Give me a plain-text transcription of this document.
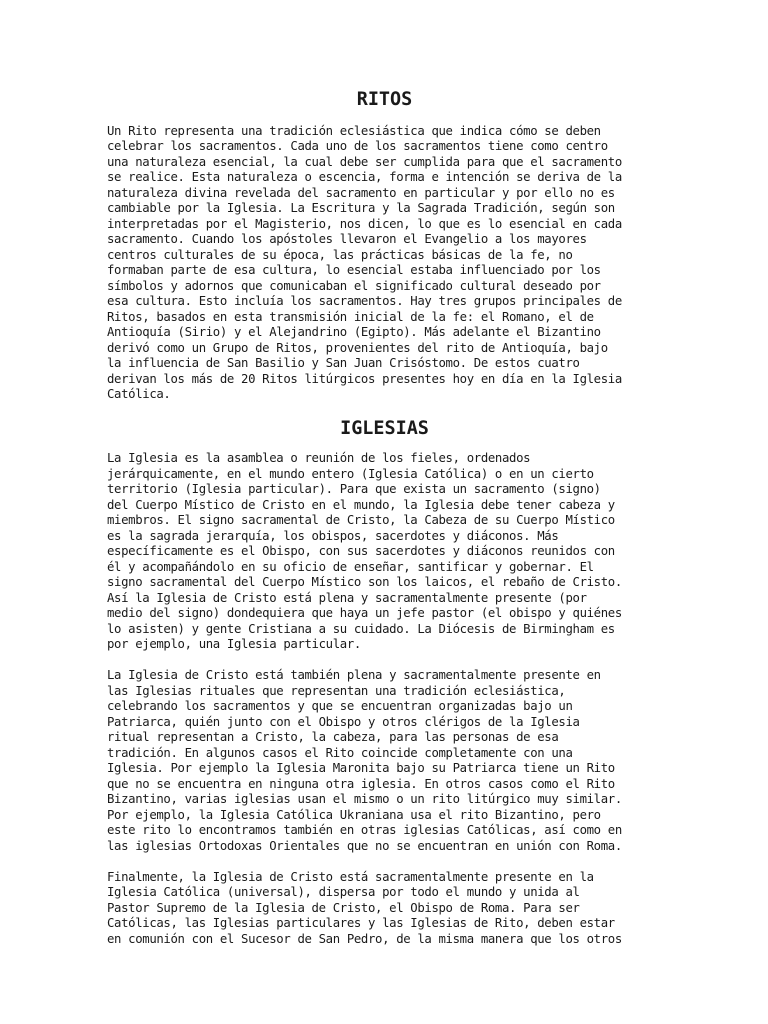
RITOS
Un Rito representa una tradición eclesiástica que indica cómo se deben
celebrar los sacramentos. Cada uno de los sacramentos tiene como centro
una naturaleza esencial, la cual debe ser cumplida para que el sacramento
se realice. Esta naturaleza o escencia, forma e intención se deriva de la
naturaleza divina revelada del sacramento en particular y por ello no es
cambiable por la Iglesia. La Escritura y la Sagrada Tradición, según son
interpretadas por el Magisterio, nos dicen, lo que es lo esencial en cada
sacramento. Cuando los apóstoles llevaron el Evangelio a los mayores
centros culturales de su época, las prácticas básicas de la fe, no
formaban parte de esa cultura, lo esencial estaba influenciado por los
símbolos y adornos que comunicaban el significado cultural deseado por
esa cultura. Esto incluía los sacramentos. Hay tres grupos principales de
Ritos, basados en esta transmisión inicial de la fe: el Romano, el de
Antioquía (Sirio) y el Alejandrino (Egipto). Más adelante el Bizantino
derivó como un Grupo de Ritos, provenientes del rito de Antioquía, bajo
la influencia de San Basilio y San Juan Crisóstomo. De estos cuatro
derivan los más de 20 Ritos litúrgicos presentes hoy en día en la Iglesia
Católica.
IGLESIAS
La Iglesia es la asamblea o reunión de los fieles, ordenados
jerárquicamente, en el mundo entero (Iglesia Católica) o en un cierto
territorio (Iglesia particular). Para que exista un sacramento (signo)
del Cuerpo Místico de Cristo en el mundo, la Iglesia debe tener cabeza y
miembros. El signo sacramental de Cristo, la Cabeza de su Cuerpo Místico
es la sagrada jerarquía, los obispos, sacerdotes y diáconos. Más
específicamente es el Obispo, con sus sacerdotes y diáconos reunidos con
él y acompañándolo en su oficio de enseñar, santificar y gobernar. El
signo sacramental del Cuerpo Místico son los laicos, el rebaño de Cristo.
Así la Iglesia de Cristo está plena y sacramentalmente presente (por
medio del signo) dondequiera que haya un jefe pastor (el obispo y quiénes
lo asisten) y gente Cristiana a su cuidado. La Diócesis de Birmingham es
por ejemplo, una Iglesia particular.
La Iglesia de Cristo está también plena y sacramentalmente presente en
las Iglesias rituales que representan una tradición eclesiástica,
celebrando los sacramentos y que se encuentran organizadas bajo un
Patriarca, quién junto con el Obispo y otros clérigos de la Iglesia
ritual representan a Cristo, la cabeza, para las personas de esa
tradición. En algunos casos el Rito coincide completamente con una
Iglesia. Por ejemplo la Iglesia Maronita bajo su Patriarca tiene un Rito
que no se encuentra en ninguna otra iglesia. En otros casos como el Rito
Bizantino, varias iglesias usan el mismo o un rito litúrgico muy similar.
Por ejemplo, la Iglesia Católica Ukraniana usa el rito Bizantino, pero
este rito lo encontramos también en otras iglesias Católicas, así como en
las iglesias Ortodoxas Orientales que no se encuentran en unión con Roma.
Finalmente, la Iglesia de Cristo está sacramentalmente presente en la
Iglesia Católica (universal), dispersa por todo el mundo y unida al
Pastor Supremo de la Iglesia de Cristo, el Obispo de Roma. Para ser
Católicas, las Iglesias particulares y las Iglesias de Rito, deben estar
en comunión con el Sucesor de San Pedro, de la misma manera que los otros
